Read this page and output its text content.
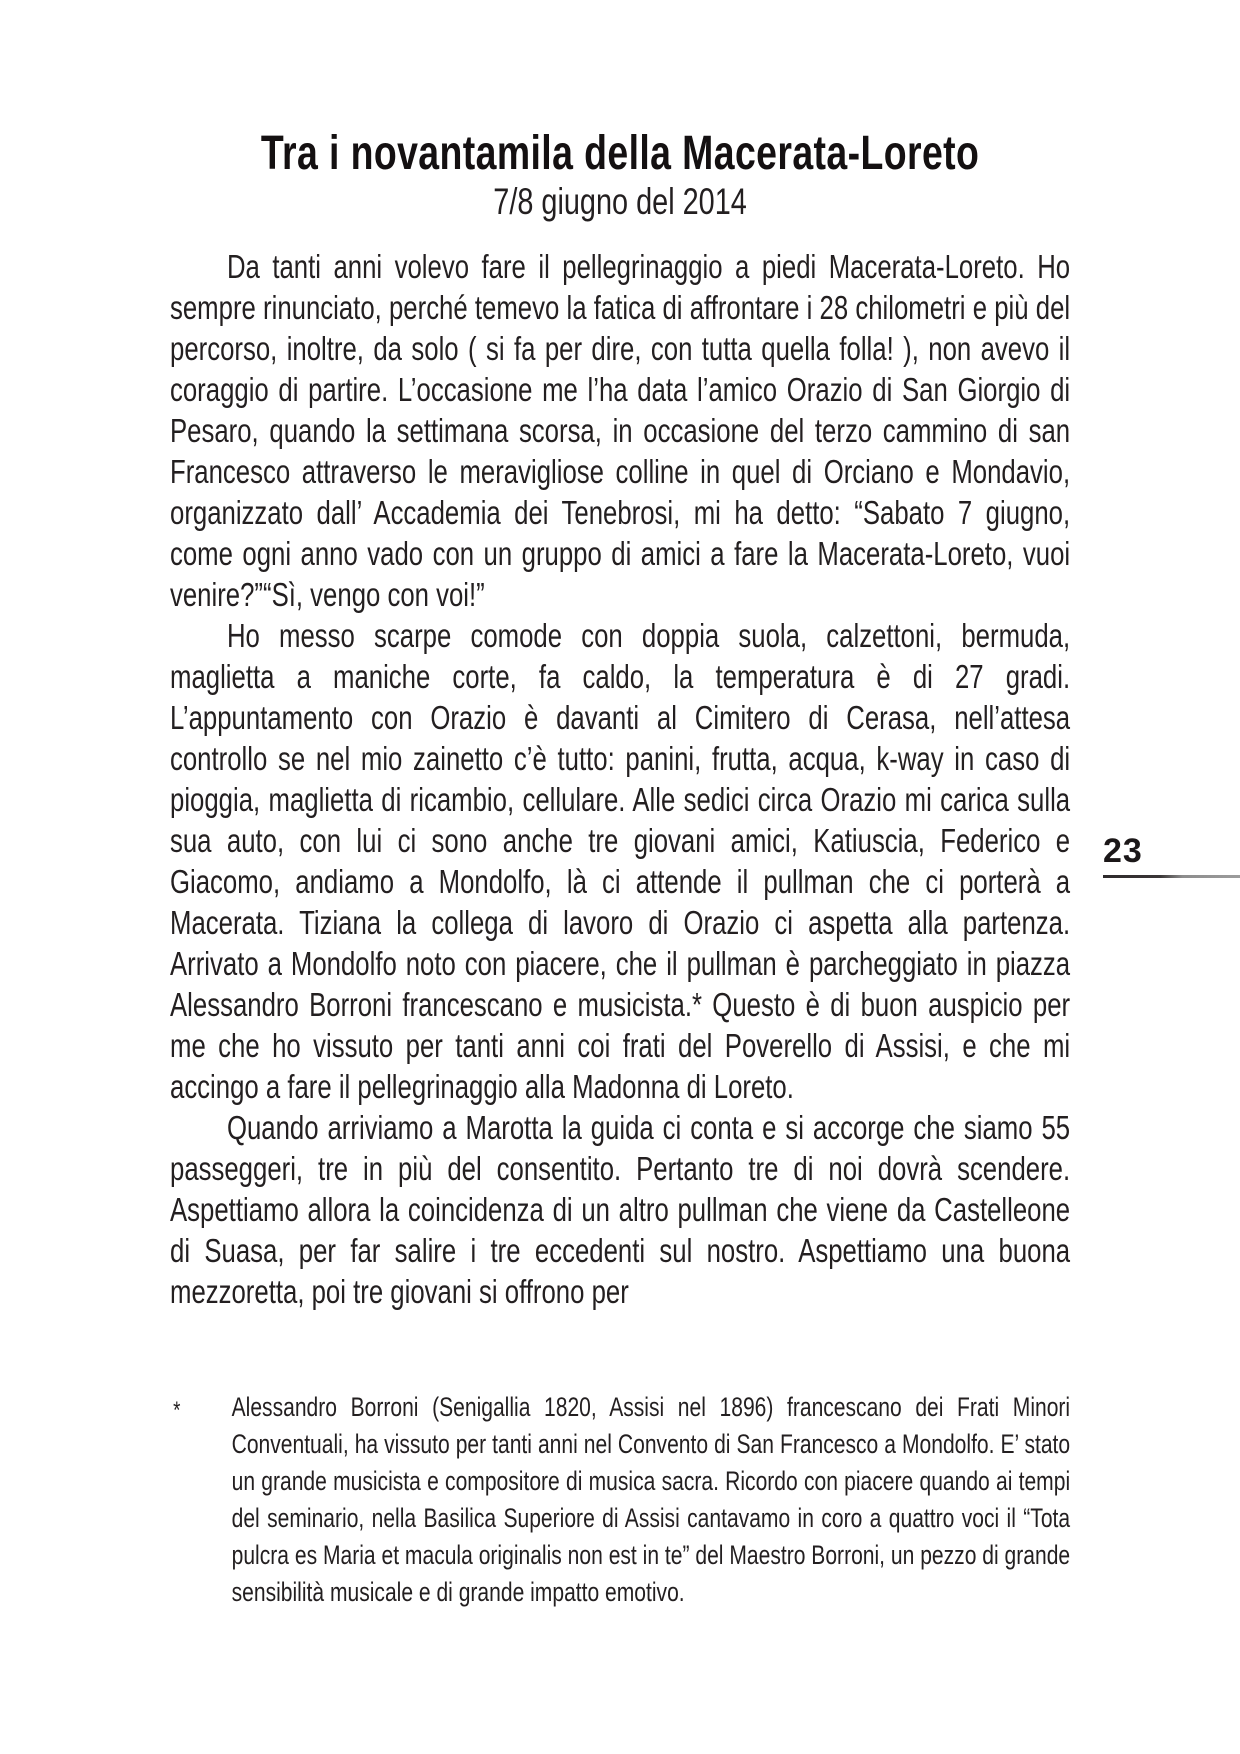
Tra i novantamila della Macerata-Loreto
7/8 giugno del 2014

Da tanti anni volevo fare il pellegrinaggio a piedi Macerata-Loreto. Ho sempre rinunciato, perché temevo la fatica di affrontare i 28 chilometri e più del percorso, inoltre, da solo ( si fa per dire, con tutta quella folla! ), non avevo il coraggio di partire. L’occasione me l’ha data l’amico Orazio di San Giorgio di Pesaro, quando la settimana scorsa, in occasione del terzo cammino di san Francesco attraverso le meravigliose colline in quel di Orciano e Mondavio, organizzato dall’ Accademia dei Tenebrosi, mi ha detto: “Sabato 7 giugno, come ogni anno vado con un gruppo di amici a fare la Macerata-Loreto, vuoi venire?”“Sì, vengo con voi!”

Ho messo scarpe comode con doppia suola, calzettoni, bermuda, maglietta a maniche corte, fa caldo, la temperatura è di 27 gradi. L’appuntamento con Orazio è davanti al Cimitero di Cerasa, nell’attesa controllo se nel mio zainetto c’è tutto: panini, frutta, acqua, k-way in caso di pioggia, maglietta di ricambio, cellulare. Alle sedici circa Orazio mi carica sulla sua auto, con lui ci sono anche tre giovani amici, Katiuscia, Federico e Giacomo, andiamo a Mondolfo, là ci attende il pullman che ci porterà a Macerata. Tiziana la collega di lavoro di Orazio ci aspetta alla partenza. Arrivato a Mondolfo noto con piacere, che il pullman è parcheggiato in piazza Alessandro Borroni francescano e musicista.* Questo è di buon auspicio per me che ho vissuto per tanti anni coi frati del Poverello di Assisi, e che mi accingo a fare il pellegrinaggio alla Madonna di Loreto.

Quando arriviamo a Marotta la guida ci conta e si accorge che siamo 55 passeggeri, tre in più del consentito. Pertanto tre di noi dovrà scendere. Aspettiamo allora la coincidenza di un altro pullman che viene da Castelleone di Suasa, per far salire i tre eccedenti sul nostro. Aspettiamo una buona mezzoretta, poi tre giovani si offrono per

* Alessandro Borroni (Senigallia 1820, Assisi nel 1896) francescano dei Frati Minori Conventuali, ha vissuto per tanti anni nel Convento di San Francesco a Mondolfo. E’ stato un grande musicista e compositore di musica sacra. Ricordo con piacere quando ai tempi del seminario, nella Basilica Superiore di Assisi cantavamo in coro a quattro voci il “Tota pulcra es Maria et macula originalis non est in te” del Maestro Borroni, un pezzo di grande sensibilità musicale e di grande impatto emotivo.

23
